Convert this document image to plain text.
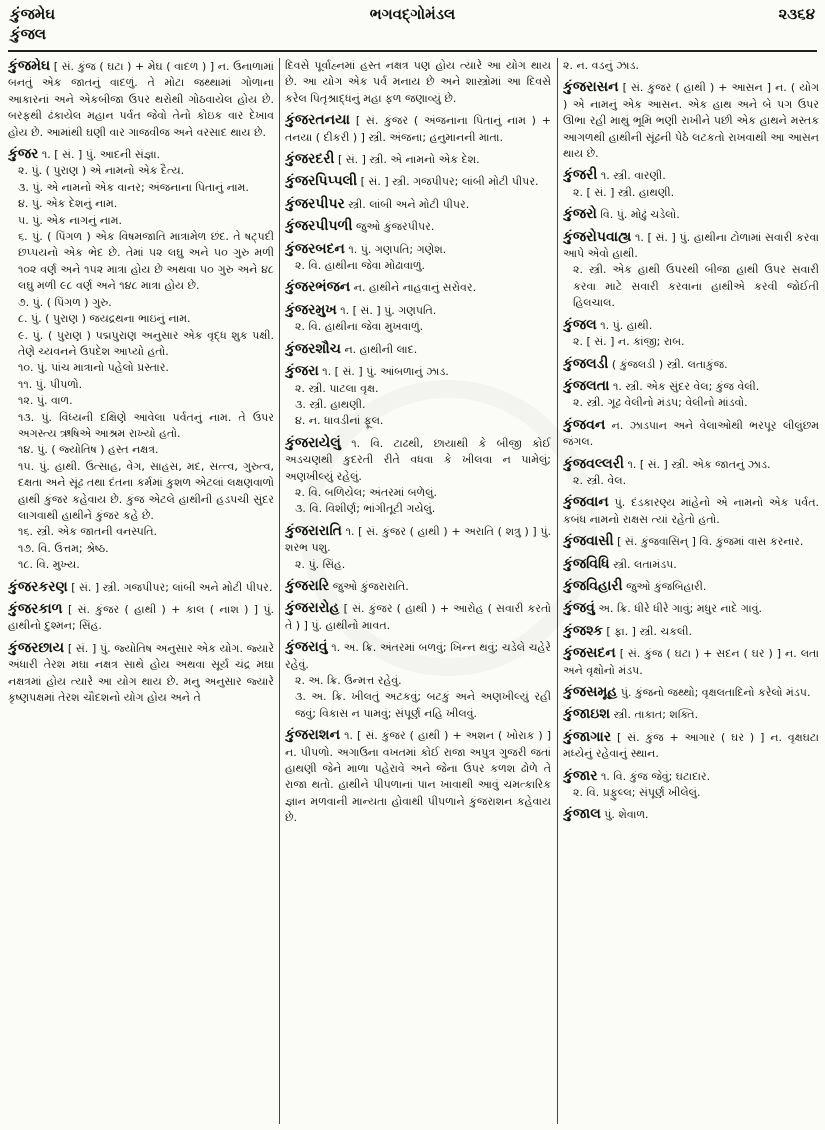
કુંજમેઘ
કુંજલ
ભગવદ્ગોમંડલ	૨૩૬૪

કુંજમેઘ [ સં. કુંજ ( ઘટા ) + મેઘ ( વાદળ ) ] ન. ઉનાળામાં બનતું એક જાતનું વાદળું. તે મોટા જથ્થામાં ગોળાના આકારનાં અને એકબીજા ઉપર થરોથી ગોઠવાયેલ હોય છે. બરફથી ઢંકાયેલ મહાન પર્વત જેવો તેનો કોઇક વાર દેખાવ હોય છે. આમાંથી ઘણી વાર ગાજવીજ અને વરસાદ થાય છે.

કુંજર ૧. [ સં. ] પું. આદની સંજ્ઞા.
૨. પું. ( પુરાણ ) એ નામનો એક દૈત્ય.
૩. પું. એ નામનો એક વાનર; અંજનાના પિતાનું નામ.
૪. પું. એક દેશનું નામ.
૫. પું. એક નાગનું નામ.
૬. પું. ( પિંગળ ) એક વિષમજાતિ માત્રામેળ છંદ. તે ષટ્પદી છપ્પયનો એક ભેદ છે. તેમાં ૫૨ લઘુ અને ૫૦ ગુરુ મળી ૧૦૨ વર્ણ અને ૧૫૨ માત્રા હોય છે અથવા ૫૦ ગુરુ અને ૪૮ લઘુ મળી ૯૮ વર્ણ અને ૧૪૮ માત્રા હોય છે.
૭. પું. ( પિંગળ ) ગુરુ.
૮. પું. ( પુરાણ ) જયદ્રથના ભાઇનું નામ.
૯. પું. ( પુરાણ ) પદ્મપુરાણ અનુસાર એક વૃદ્ધ શુક પક્ષી. તેણે ચ્યવનને ઉપદેશ આપ્યો હતો.
૧૦. પું. પાંચ માત્રાનો પહેલો પ્રસ્તાર.
૧૧. પું. પીપળો.
૧૨. પું. વાળ.
૧૩. પું. વિંધ્યની દક્ષિણે આવેલા પર્વતનું નામ. તે ઉપર અગસ્ત્ય ઋષિએ આશ્રમ રાખ્યો હતો.
૧૪. પું. ( જ્યોતિષ ) હસ્ત નક્ષત્ર.
૧૫. પું. હાથી. ઉત્સાહ, વેગ, સાહસ, મદ, સત્ત્વ, ગુરુત્વ, દક્ષતા અને સૂંઢ તથા દંતના કર્મમાં કુશળ એટલાં લક્ષણવાળો હાથી કુંજર કહેવાય છે. કુંજ એટલે હાથીની હડપચી સુંદર લાગવાથી હાથીને કુંજર કહે છે.
૧૬. સ્ત્રી. એક જાતની વનસ્પતિ.
૧૭. વિ. ઉત્તમ; શ્રેષ્ઠ.
૧૮. વિ. મુખ્ય.

કુંજરકરણ [ સં. ] સ્ત્રી. ગજપીપર; લાંબી અને મોટી પીપર.

કુંજરકાળ [ સં. કુંજર ( હાથી ) + કાલ ( નાશ ) ] પું. હાથીનો દુશ્મન; સિંહ.

કુંજરછાય [ સં. ] પું. જ્યોતિષ અનુસાર એક યોગ. જ્યારે અંધારી તેરશ મઘા નક્ષત્ર સાથે હોય અથવા સૂર્ય ચંદ્ર મઘા નક્ષત્રમાં હોય ત્યારે આ યોગ થાય છે. મનુ અનુસાર જ્યારે કૃષ્ણપક્ષમાં તેરશ ચૌદશનો યોગ હોય અને તે

દિવસે પૂર્વાહ્નમાં હસ્ત નક્ષત્ર પણ હોય ત્યારે આ યોગ થાય છે. આ યોગ એક પર્વ મનાય છે અને શાસ્ત્રોમાં આ દિવસે કરેલ પિતૃશ્રાદ્ધનું મહા ફળ જણાવ્યું છે.

કુંજરતનયા [ સં. કુંજર ( અંજનાના પિતાનું નામ ) + તનયા ( દીકરી ) ] સ્ત્રી. અંજના; હનુમાનની માતા.

કુંજરદરી [ સં. ] સ્ત્રી. એ નામનો એક દેશ.

કુંજરપિપ્પલી [ સં. ] સ્ત્રી. ગજપીપર; લાંબી મોટી પીપર.

કુંજરપીપર સ્ત્રી. લાંબી અને મોટી પીપર.

કુંજરપીપળી જુઓ કુંજરપીપર.

કુંજરબદન ૧. પું. ગણપતિ; ગણેશ.
૨. વિ. હાથીના જેવા મોઢાવાળું.

કુંજરભંજન ન. હાથીને નાહવાનું સરોવર.

કુંજરમુખ ૧. [ સં. ] પું. ગણપતિ.
૨. વિ. હાથીના જેવા મુખવાળું.

કુંજરશૌચ ન. હાથીની લાદ.

કુંજરા ૧. [ સં. ] પું. આંબળાનું ઝાડ.
૨. સ્ત્રી. પાટલા વૃક્ષ.
૩. સ્ત્રી. હાથણી.
૪. ન. ધાવડીનાં ફૂલ.

કુંજરાયેલું ૧. વિ. ટાઢથી, છાયાથી કે બીજી કોઈ અડચણથી કુદરતી રીતે વધવા કે ખીલવા ન પામેલું; અણખીલ્યું રહેલું.
૨. વિ. બળિયેલ; અંતરમાં બળેલું.
૩. વિ. વિશીર્ણ; ભાંગીતૂટી ગયેલું.

કુંજરારાતિ ૧. [ સં. કુંજર ( હાથી ) + અરાતિ ( શત્રુ ) ] પું. શરભ પશુ.
૨. પું. સિંહ.

કુંજરારિ જુઓ કુંજરારાતિ.

કુંજરારોહ [ સં. કુંજર ( હાથી ) + આરોહ ( સવારી કરતો તે ) ] પું. હાથીનો માવત.

કુંજરાવું ૧. અ. ક્રિ. અંતરમાં બળવું; ખિન્ન થવું; ચડેલે ચહેરે રહેવું.
૨. અ. ક્રિ. ઉન્મત્ત રહેવું.
૩. અ. ક્રિ. ખીલતું અટકવું; બટકું અને અણખીલ્યું રહી જવું; વિકાસ ન પામવું; સંપૂર્ણ નહિ ખીલવું.

કુંજરાશન ૧. [ સં. કુંજર ( હાથી ) + અશન ( ખોરાક ) ] ન. પીપળો. અગાઉના વખતમાં કોઈ રાજા અપુત્ર ગુજરી જતાં હાથણી જેને માળા પહેરાવે અને જેના ઉપર કળશ ઢોળે તે રાજા થતો. હાથીને પીપળાનાં પાન ખાવાથી આવું ચમત્કારિક જ્ઞાન મળવાની માન્યતા હોવાથી પીપળાને કુંજરાશન કહેવાય છે.

૨. ન. વડનું ઝાડ.

કુંજરાસન [ સં. કુંજર ( હાથી ) + આસન ] ન. ( યોગ ) એ નામનું એક આસન. એક હાથ અને બે પગ ઉપર ઊભા રહી માથું ભૂમિ ભણી રાખીને પછી એક હાથને મસ્તક આગળથી હાથીની સૂંઢની પેઠે લટકતો રાખવાથી આ આસન થાય છે.

કુંજરી ૧. સ્ત્રી. વારણી.
૨. [ સં. ] સ્ત્રી. હાથણી.

કુંજરો વિ. પું. મોઢું ચડેલો.

કુંજરોપવાહ્ય ૧. [ સં. ] પું. હાથીના ટોળામાં સવારી કરવા આપે એવો હાથી.
૨. સ્ત્રી. એક હાથી ઉપરથી બીજા હાથી ઉપર સવારી કરવા માટે સવારી કરવાના હાથીએ કરવી જોઈતી હિલચાલ.

કુંજલ ૧. પું. હાથી.
૨. [ સં. ] ન. કાંજી; રાબ.

કુંજલડી ( કુંજલડી ) સ્ત્રી. લતાકુંજ.

કુંજલતા ૧. સ્ત્રી. એક સુંદર વેલ; કુંજ વેલી.
૨. સ્ત્રી. ગૂઢ વેલીનો મંડપ; વેલીનો માંડવો.

કુંજવન ન. ઝાડપાન અને વેલાઓથી ભરપૂર લીલુંછમ જંગલ.

કુંજવલ્લરી ૧. [ સં. ] સ્ત્રી. એક જાતનું ઝાડ.
૨. સ્ત્રી. વેલ.

કુંજવાન પું. દંડકારણ્ય માંહેનો એ નામનો એક પર્વત. કબંધ નામનો રાક્ષસ ત્યાં રહેતો હતો.

કુંજવાસી [ સં. કુંજવાસિન્ ] વિ. કુંજમાં વાસ કરનાર.

કુંજવિધિ સ્ત્રી. લતામંડપ.

કુંજવિહારી જુઓ કુંજબિહારી.

કુંજવું અ. ક્રિ. ધીરે ધીરે ગાવું; મધુર નાદે ગાવું.

કુંજશ્ક [ ફા. ] સ્ત્રી. ચકલી.

કુંજસદન [ સં. કુંજ ( ઘટા ) + સદન ( ઘર ) ] ન. લતા અને વૃક્ષોનો મંડપ.

કુંજસમૂહ પું. કુંજનો જથ્થો; વૃક્ષલતાદિનો કરેલો મંડપ.

કુંજાઇશ સ્ત્રી. તાકાત; શક્તિ.

કુંજાગાર [ સં. કુંજ + આગાર ( ઘર ) ] ન. વૃક્ષઘટા મધ્યેનું રહેવાનું સ્થાન.

કુંજાર ૧. વિ. કુંજ જેવું; ઘટાદાર.
૨. વિ. પ્રફુલ્લ; સંપૂર્ણ ખીલેલું.

કુંજાલ પું. શેવાળ.
